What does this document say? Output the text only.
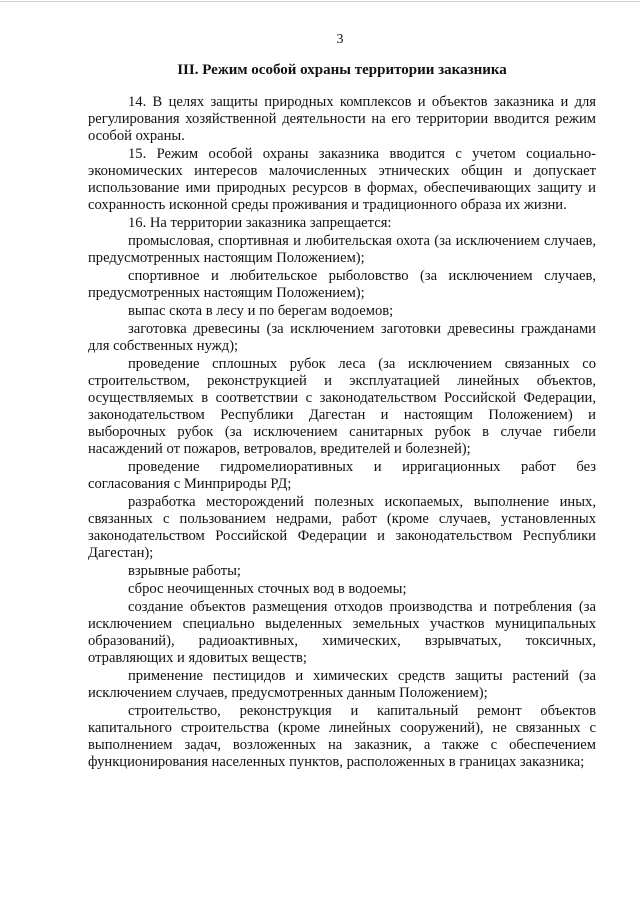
3
III. Режим особой охраны территории заказника

14. В целях защиты природных комплексов и объектов заказника и для регулирования хозяйственной деятельности на его территории вводится режим особой охраны.

15. Режим особой охраны заказника вводится с учетом социально-экономических интересов малочисленных этнических общин и допускает использование ими природных ресурсов в формах, обеспечивающих защиту и сохранность исконной среды проживания и традиционного образа их жизни.

16. На территории заказника запрещается:

промысловая, спортивная и любительская охота (за исключением случаев, предусмотренных настоящим Положением);

спортивное и любительское рыболовство (за исключением случаев, предусмотренных настоящим Положением);

выпас скота в лесу и по берегам водоемов;

заготовка древесины (за исключением заготовки древесины гражданами для собственных нужд);

проведение сплошных рубок леса (за исключением связанных со строительством, реконструкцией и эксплуатацией линейных объектов, осуществляемых в соответствии с законодательством Российской Федерации, законодательством Республики Дагестан и настоящим Положением) и выборочных рубок (за исключением санитарных рубок в случае гибели насаждений от пожаров, ветровалов, вредителей и болезней);

проведение гидромелиоративных и ирригационных работ без согласования с Минприроды РД;

разработка месторождений полезных ископаемых, выполнение иных, связанных с пользованием недрами, работ (кроме случаев, установленных законодательством Российской Федерации и законодательством Республики Дагестан);

взрывные работы;

сброс неочищенных сточных вод в водоемы;

создание объектов размещения отходов производства и потребления (за исключением специально выделенных земельных участков муниципальных образований), радиоактивных, химических, взрывчатых, токсичных, отравляющих и ядовитых веществ;

применение пестицидов и химических средств защиты растений (за исключением случаев, предусмотренных данным Положением);

строительство, реконструкция и капитальный ремонт объектов капитального строительства (кроме линейных сооружений), не связанных с выполнением задач, возложенных на заказник, а также с обеспечением функционирования населенных пунктов, расположенных в границах заказника;
